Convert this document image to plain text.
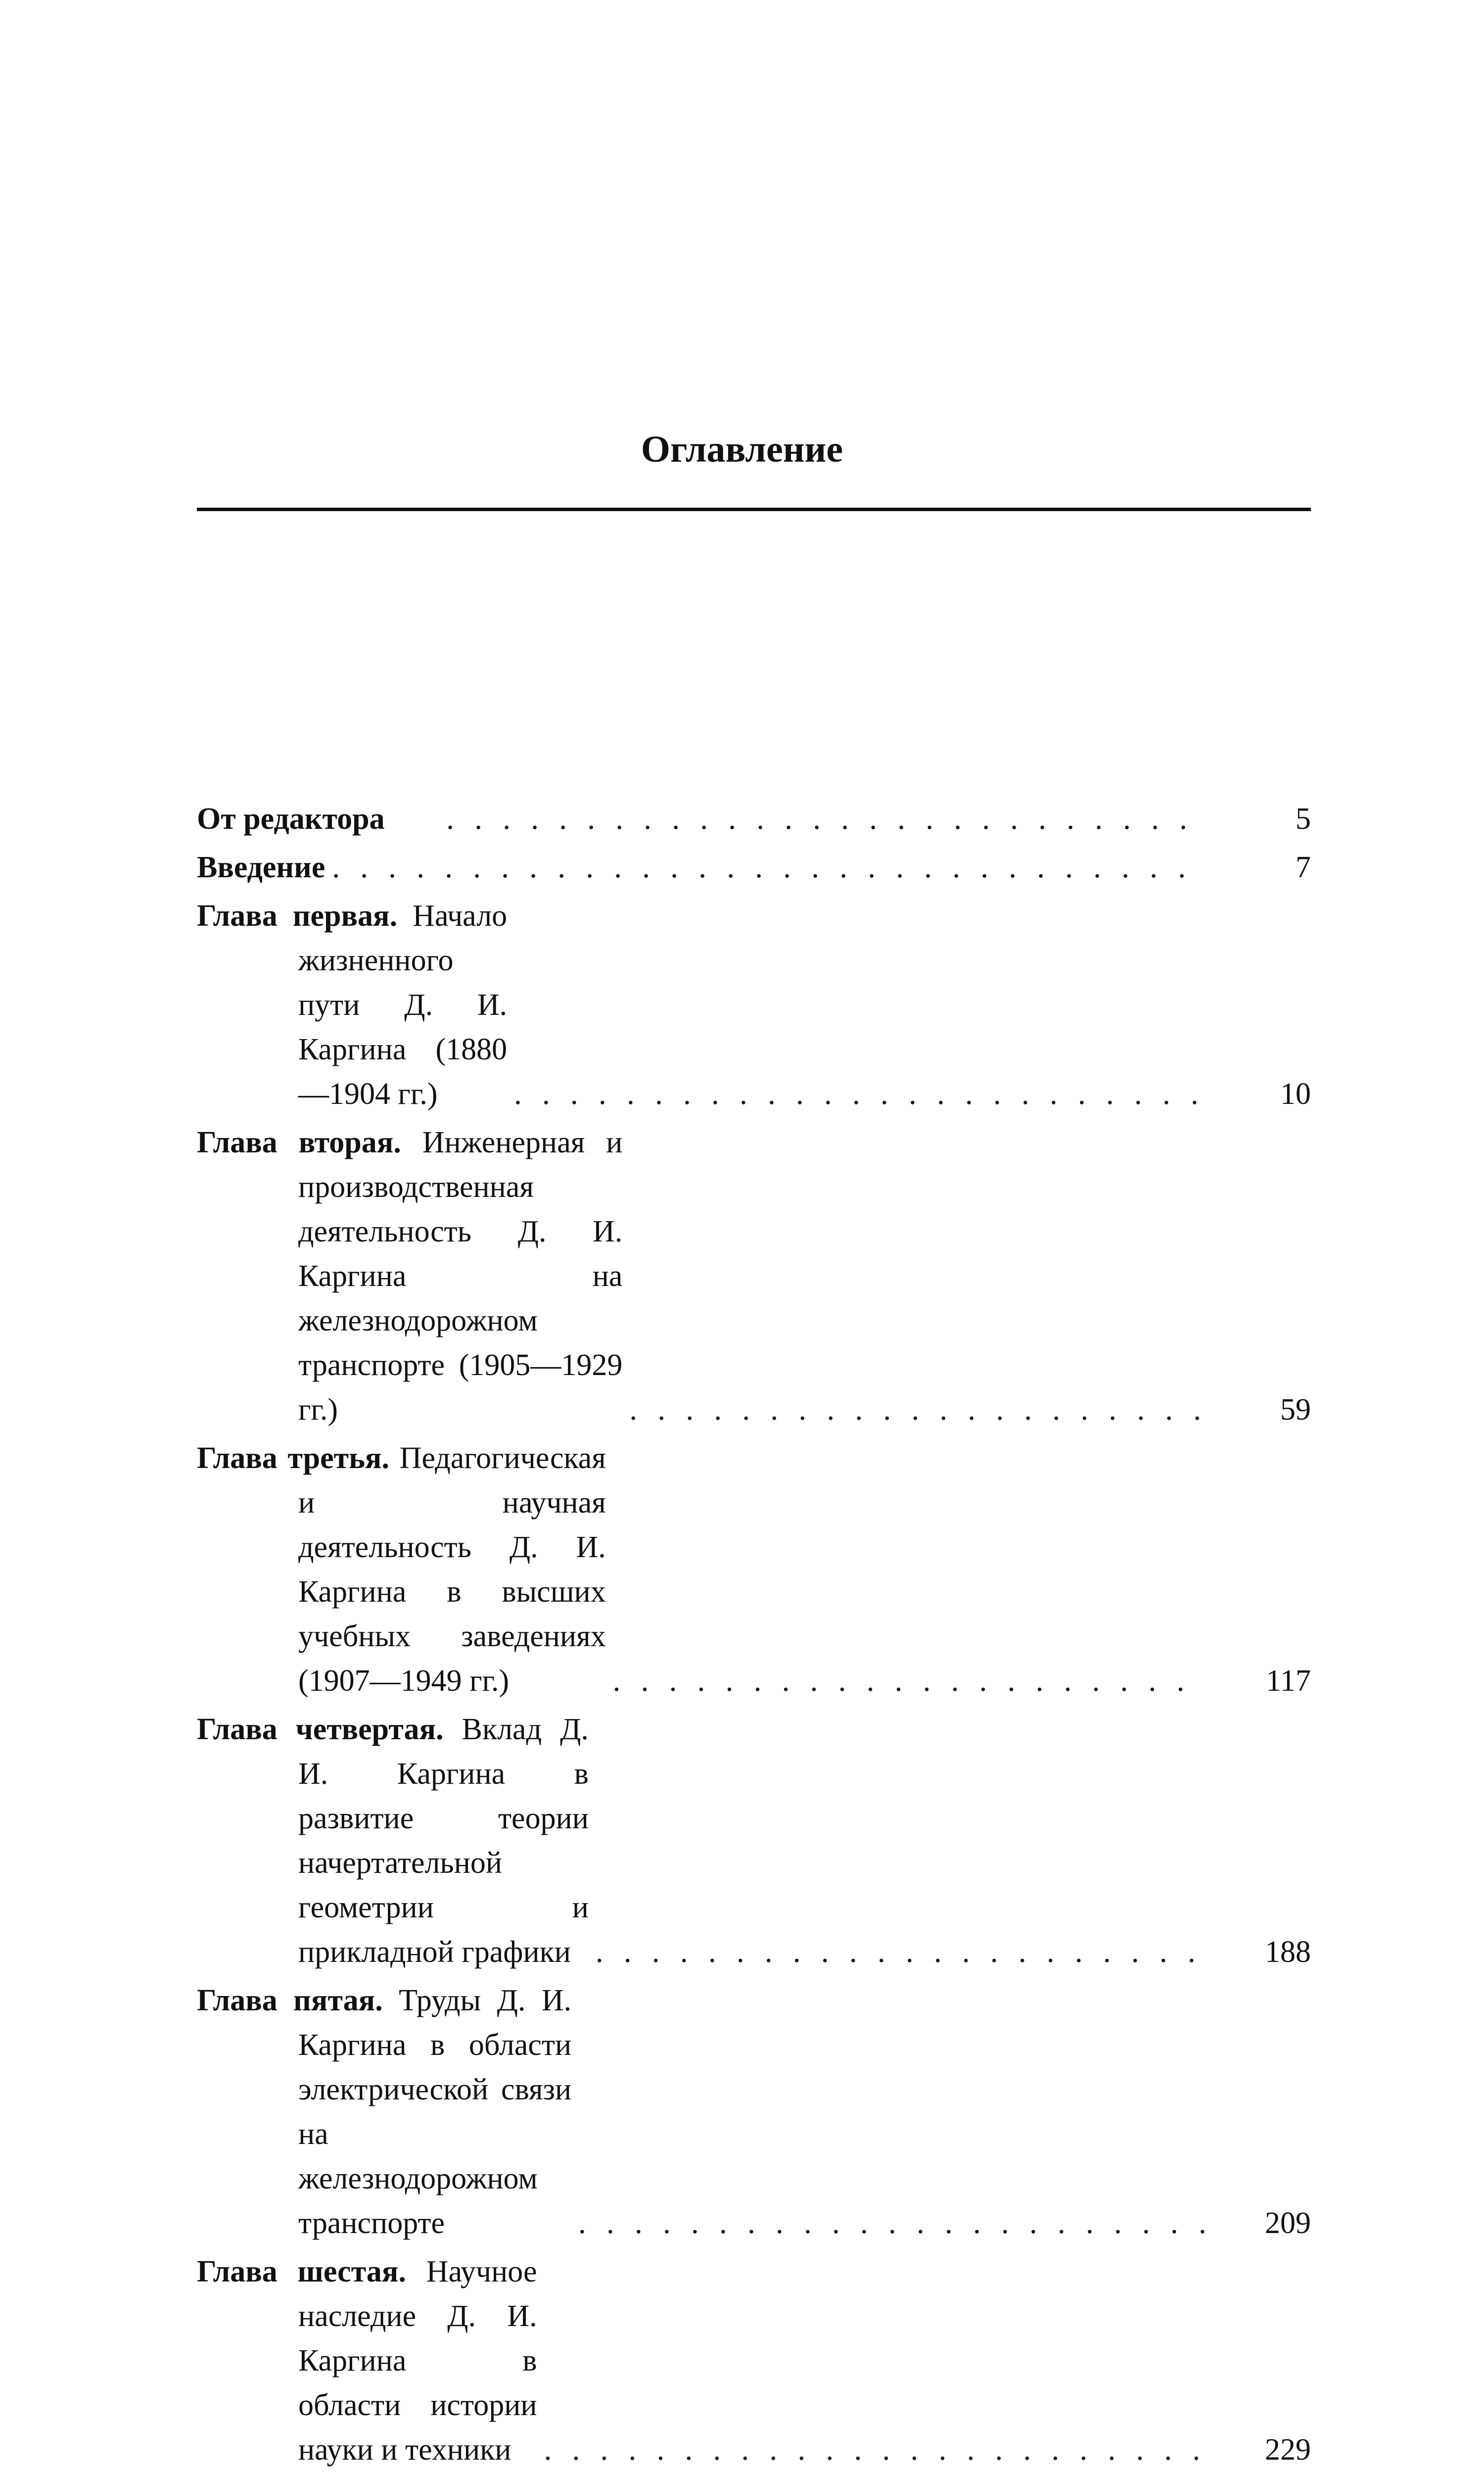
Оглавление
От редактора . . .	5
Введение . . .	7
Глава первая. Начало жизненного пути Д. И. Каргина (1880—1904 гг.) . . .	10
Глава вторая. Инженерная и производственная деятельность Д. И. Каргина на железнодорожном транспорте (1905—1929 гг.) . . .	59
Глава третья. Педагогическая и научная деятельность Д. И. Каргина в высших учебных заведениях (1907—1949 гг.) . . .	117
Глава четвертая. Вклад Д. И. Каргина в развитие теории начертательной геометрии и прикладной графики . . .	188
Глава пятая. Труды Д. И. Каргина в области электрической связи на железнодорожном транспорте . . .	209
Глава шестая. Научное наследие Д. И. Каргина в области истории науки и техники . . .	229
